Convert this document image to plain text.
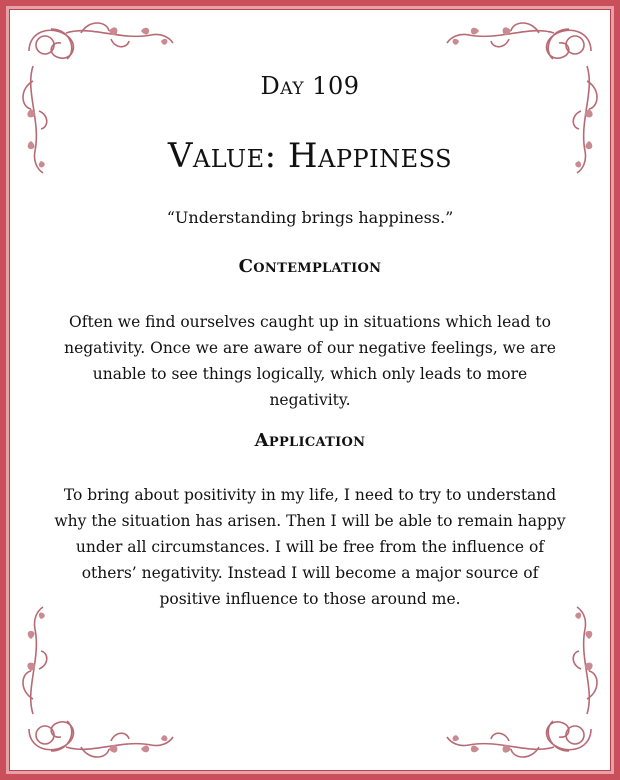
Day 109
Value: Happiness
“Understanding brings happiness.”
Contemplation
Often we find ourselves caught up in situations which lead to negativity. Once we are aware of our negative feelings, we are unable to see things logically, which only leads to more negativity.
Application
To bring about positivity in my life, I need to try to understand why the situation has arisen. Then I will be able to remain happy under all circumstances. I will be free from the influence of others’ negativity. Instead I will become a major source of positive influence to those around me.
